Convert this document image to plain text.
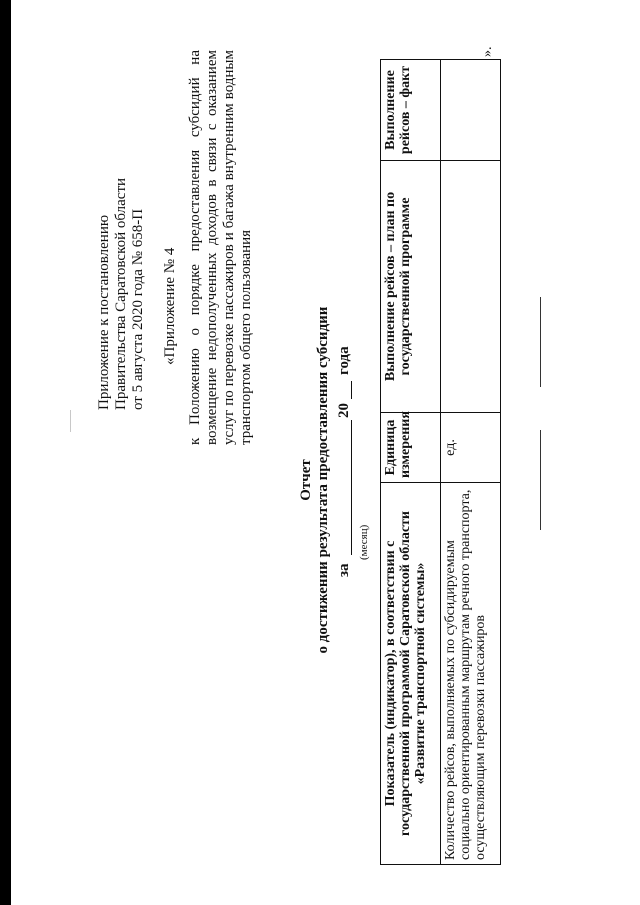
Приложение к постановлению Правительства Саратовской области от 5 августа 2020 года № 658-П «Приложение № 4 к Положению о порядке предоставления субсидий на возмещение недополученных доходов в связи с оказанием услуг по перевозке пассажиров и багажа внутренним водным транспортом общего пользования
Отчет о достижении результата предоставления субсидии за
20
года
(месяц) Показатель (индикатор), в соответствии с государственной программой Саратовской области «Развитие транспортной системы»	Единица измерения	Выполнение рейсов – план по государственной программе	Выполнение рейсов – факт
Количество рейсов, выполняемых по субсидируемым социально ориентированным маршрутам речного транспорта, осуществляющим перевозки пассажиров	ед.		
».
